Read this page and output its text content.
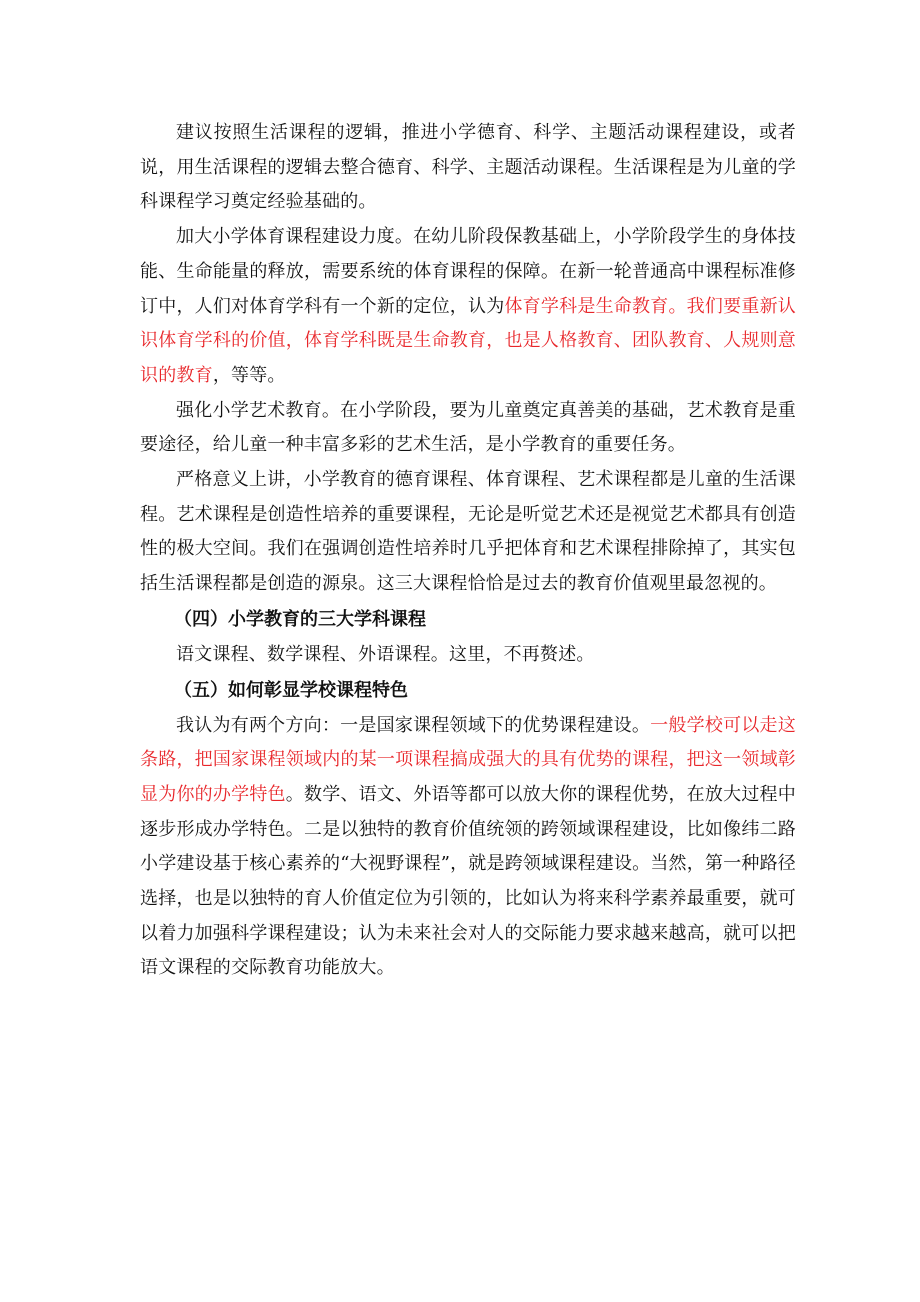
建议按照生活课程的逻辑，推进小学德育、科学、主题活动课程建设，或者说，用生活课程的逻辑去整合德育、科学、主题活动课程。生活课程是为儿童的学科课程学习奠定经验基础的。

加大小学体育课程建设力度。在幼儿阶段保教基础上，小学阶段学生的身体技能、生命能量的释放，需要系统的体育课程的保障。在新一轮普通高中课程标准修订中，人们对体育学科有一个新的定位，认为体育学科是生命教育。我们要重新认识体育学科的价值，体育学科既是生命教育，也是人格教育、团队教育、人规则意识的教育，等等。

强化小学艺术教育。在小学阶段，要为儿童奠定真善美的基础，艺术教育是重要途径，给儿童一种丰富多彩的艺术生活，是小学教育的重要任务。

严格意义上讲，小学教育的德育课程、体育课程、艺术课程都是儿童的生活课程。艺术课程是创造性培养的重要课程，无论是听觉艺术还是视觉艺术都具有创造性的极大空间。我们在强调创造性培养时几乎把体育和艺术课程排除掉了，其实包括生活课程都是创造的源泉。这三大课程恰恰是过去的教育价值观里最忽视的。

（四）小学教育的三大学科课程

语文课程、数学课程、外语课程。这里，不再赘述。

（五）如何彰显学校课程特色

我认为有两个方向：一是国家课程领域下的优势课程建设。一般学校可以走这条路，把国家课程领域内的某一项课程搞成强大的具有优势的课程，把这一领域彰显为你的办学特色。数学、语文、外语等都可以放大你的课程优势，在放大过程中逐步形成办学特色。二是以独特的教育价值统领的跨领域课程建设，比如像纬二路小学建设基于核心素养的“大视野课程”，就是跨领域课程建设。当然，第一种路径选择，也是以独特的育人价值定位为引领的，比如认为将来科学素养最重要，就可以着力加强科学课程建设；认为未来社会对人的交际能力要求越来越高，就可以把语文课程的交际教育功能放大。
